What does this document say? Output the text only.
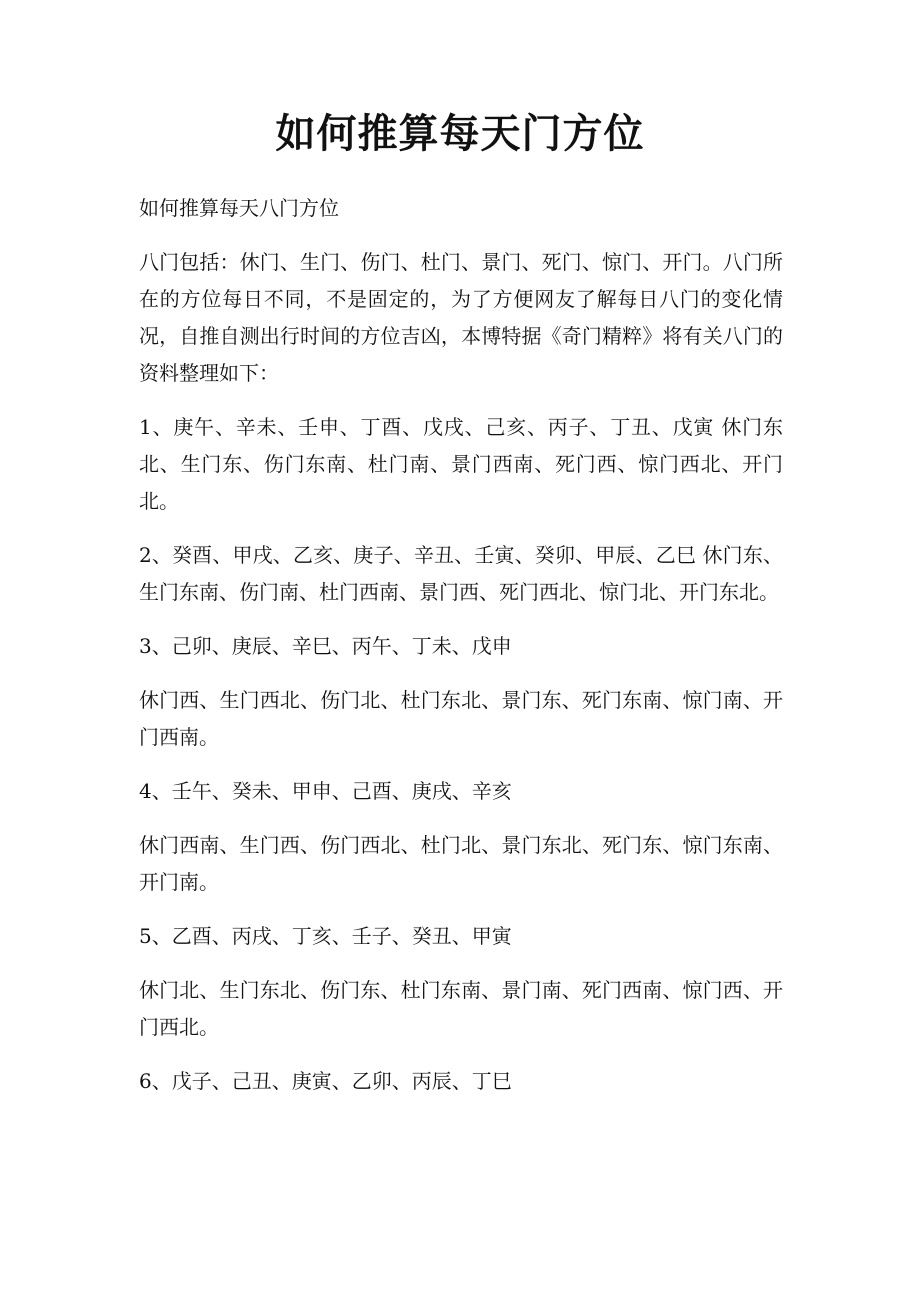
如何推算每天门方位

如何推算每天八门方位

八门包括：休门、生门、伤门、杜门、景门、死门、惊门、开门。八门所在的方位每日不同，不是固定的，为了方便网友了解每日八门的变化情况，自推自测出行时间的方位吉凶，本博特据《奇门精粹》将有关八门的资料整理如下：

1、庚午、辛未、壬申、丁酉、戊戌、己亥、丙子、丁丑、戊寅 休门东北、生门东、伤门东南、杜门南、景门西南、死门西、惊门西北、开门北。

2、癸酉、甲戌、乙亥、庚子、辛丑、壬寅、癸卯、甲辰、乙巳 休门东、生门东南、伤门南、杜门西南、景门西、死门西北、惊门北、开门东北。

3、己卯、庚辰、辛巳、丙午、丁未、戊申

休门西、生门西北、伤门北、杜门东北、景门东、死门东南、惊门南、开门西南。

4、壬午、癸未、甲申、己酉、庚戌、辛亥

休门西南、生门西、伤门西北、杜门北、景门东北、死门东、惊门东南、开门南。

5、乙酉、丙戌、丁亥、壬子、癸丑、甲寅

休门北、生门东北、伤门东、杜门东南、景门南、死门西南、惊门西、开门西北。

6、戊子、己丑、庚寅、乙卯、丙辰、丁巳
